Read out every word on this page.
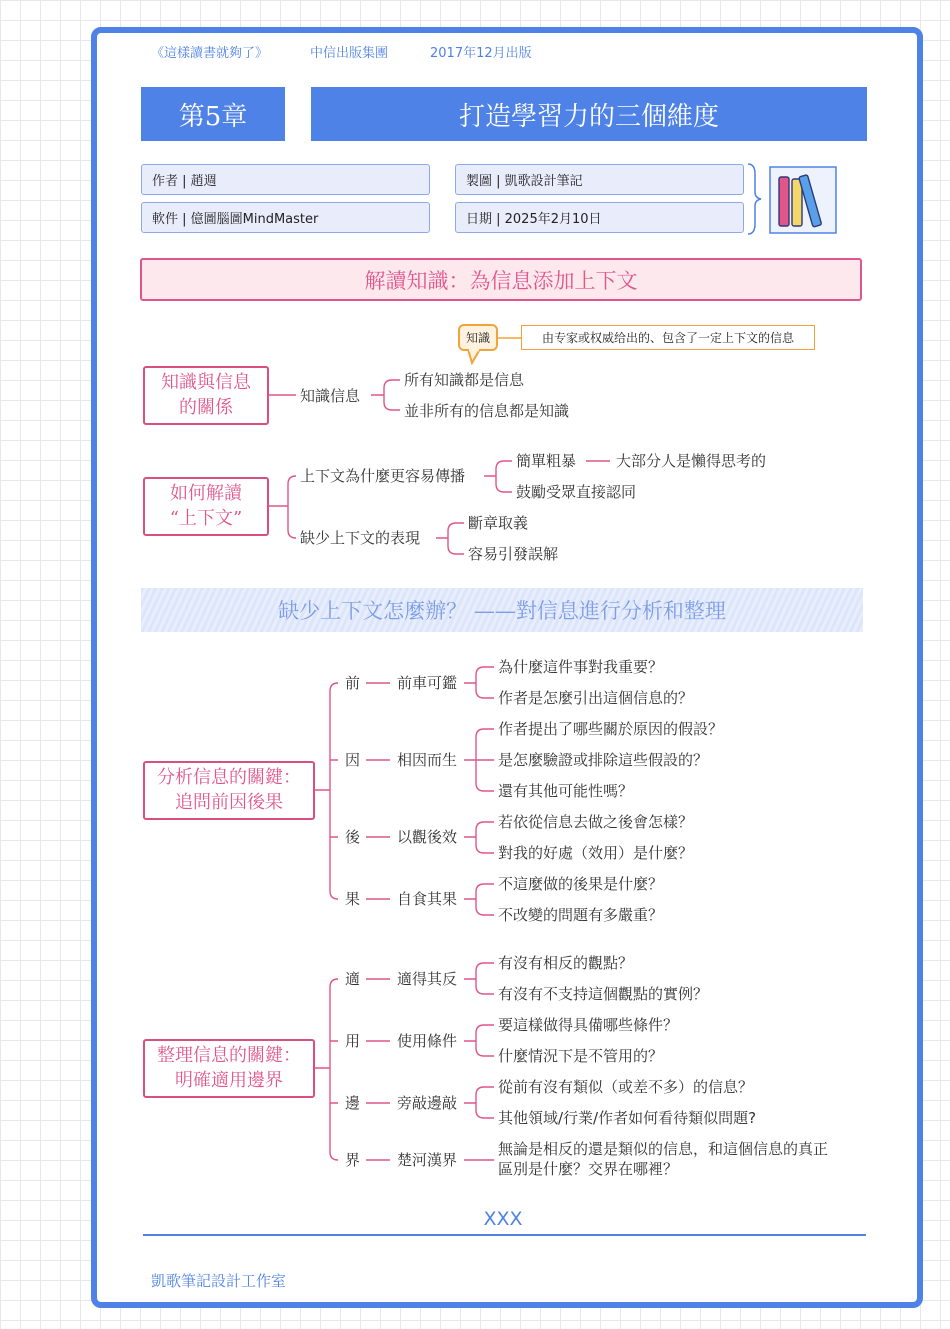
《這樣讀書就夠了》	中信出版集團	2017年12月出版
第5章	打造學習力的三個維度
作者 | 趙週
軟件 | 億圖腦圖MindMaster
製圖 | 凱歌設計筆記
日期 | 2025年2月10日
解讀知識：為信息添加上下文
知識	由专家或权威给出的、包含了一定上下文的信息
知識與信息
的關係
知識信息
所有知識都是信息
並非所有的信息都是知識
如何解讀
“上下文”
上下文為什麼更容易傳播
簡單粗暴	大部分人是懶得思考的
鼓勵受眾直接認同
缺少上下文的表現
斷章取義
容易引發誤解
缺少上下文怎麼辦？ ——對信息進行分析和整理
分析信息的關鍵：
追問前因後果
前 前車可鑑
為什麼這件事對我重要？
作者是怎麼引出這個信息的？
因 相因而生
作者提出了哪些關於原因的假設？
是怎麼驗證或排除這些假設的？
還有其他可能性嗎？
後 以觀後效
若依從信息去做之後會怎樣？
對我的好處（效用）是什麼？
果 自食其果
不這麼做的後果是什麼？
不改變的問題有多嚴重？
整理信息的關鍵：
明確適用邊界
適 適得其反
有沒有相反的觀點？
有沒有不支持這個觀點的實例？
用 使用條件
要這樣做得具備哪些條件？
什麼情況下是不管用的？
邊 旁敲邊敲
從前有沒有類似（或差不多）的信息？
其他領域/行業/作者如何看待類似問題?
界 楚河漢界
無論是相反的還是類似的信息，和這個信息的真正
區別是什麼？交界在哪裡？
XXX
凱歌筆記設計工作室
